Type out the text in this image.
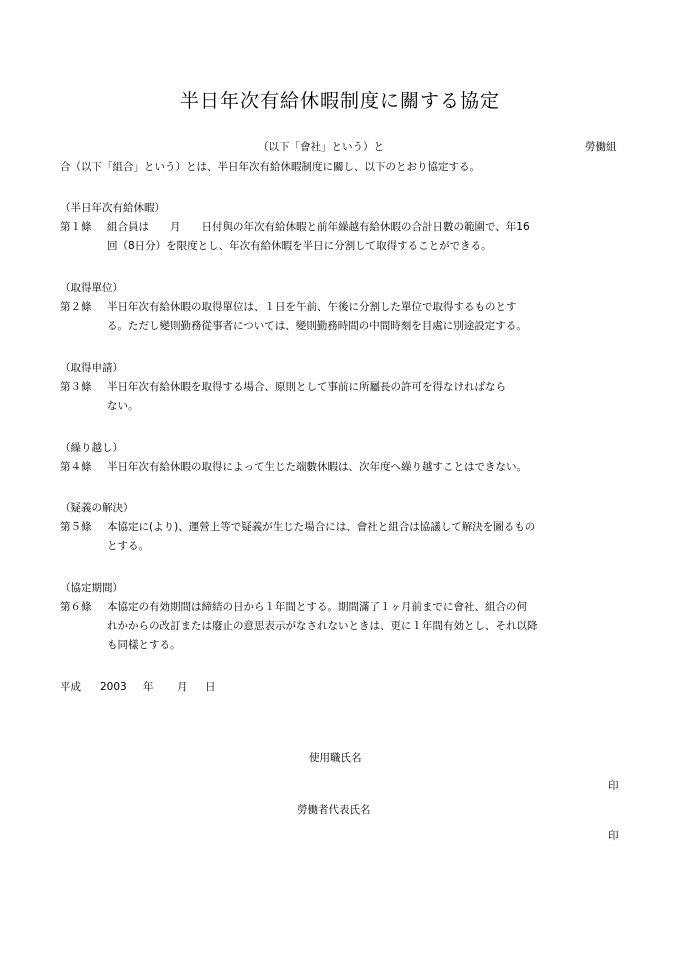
半日年次有給休暇制度に關する協定
（以下「會社」という）と	勞働組
合（以下「組合」という）とは、半日年次有給休暇制度に關し、以下のとおり協定する。
（半日年次有給休暇）
第１條 組合員は　　月　　日付與の年次有給休暇と前年繰越有給休暇の合計日數の範圍で、年16
回（8日分）を限度とし、年次有給休暇を半日に分割して取得することができる。
（取得單位）
第２條 半日年次有給休暇の取得單位は、１日を午前、午後に分割した單位で取得するものとす
る。ただし變則勤務從事者については、變則勤務時間の中間時刻を目處に別途設定する。
（取得申請）
第３條 半日年次有給休暇を取得する場合、原則として事前に所屬長の許可を得なければなら
ない。
（繰り越し）
第４條 半日年次有給休暇の取得によって生じた端數休暇は、次年度へ繰り越すことはできない。
（疑義の解決）
第５條 本協定に(より)、運營上等で疑義が生じた場合には、會社と組合は協議して解決を圖るもの
とする。
（協定期間）
第６條 本協定の有効期間は締結の日から１年間とする。期間滿了１ヶ月前までに會社、組合の何
れかからの改訂または廢止の意思表示がなされないときは、更に１年間有効とし、それ以降
も同樣とする。
平成 2003 年 月 日
使用職氏名
印
勞働者代表氏名
印
